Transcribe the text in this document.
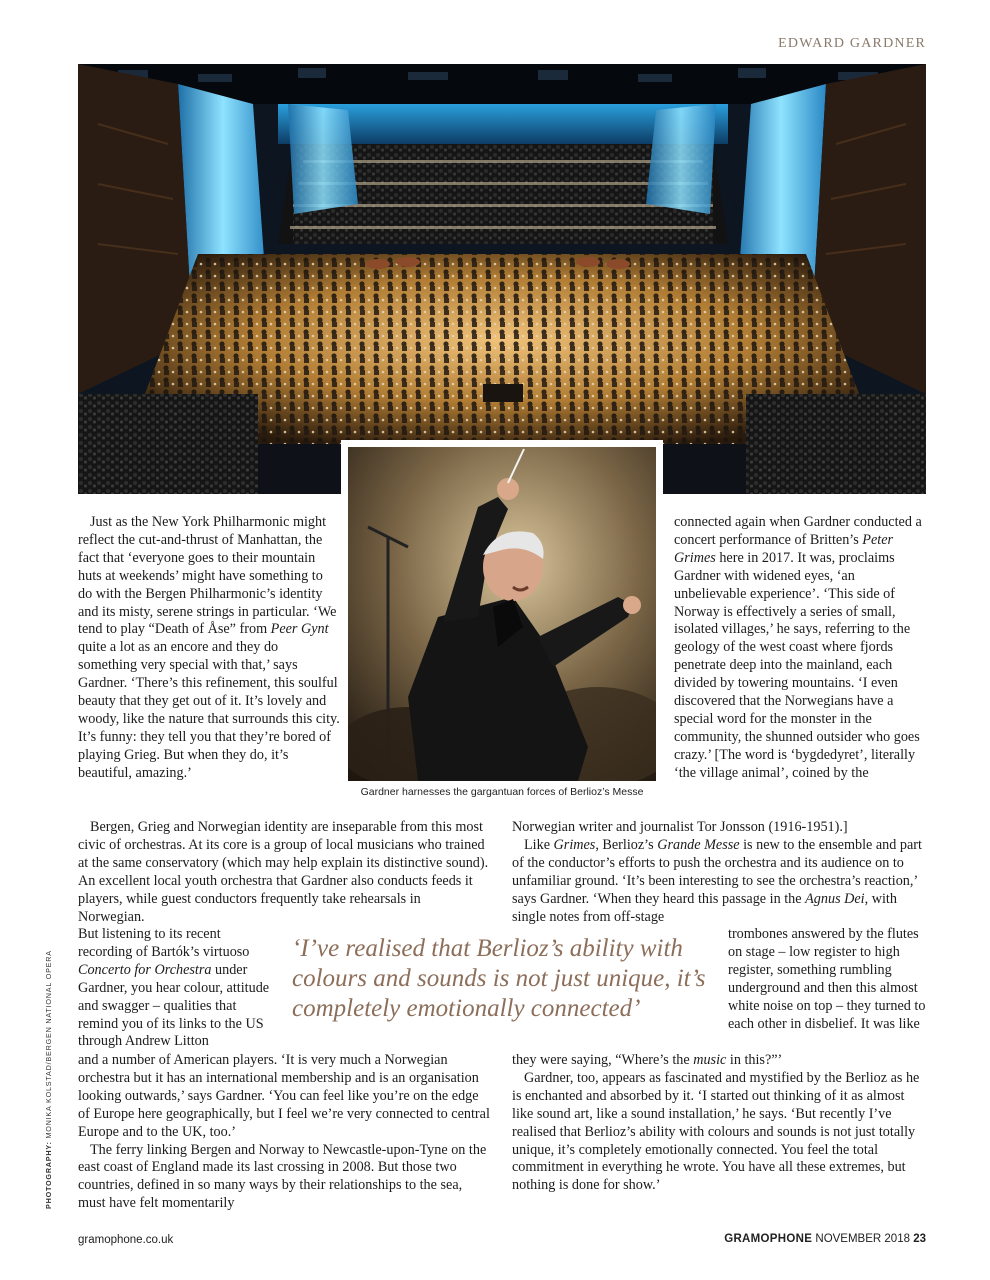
EDWARD GARDNER
Gardner harnesses the gargantuan forces of Berlioz’s Messe

Just as the New York Philharmonic might reflect the cut-and-thrust of Manhattan, the fact that ‘everyone goes to their mountain huts at weekends’ might have something to do with the Bergen Philharmonic’s identity and its misty, serene strings in particular. ‘We tend to play “Death of Åse” from Peer Gynt quite a lot as an encore and they do something very special with that,’ says Gardner. ‘There’s this refinement, this soulful beauty that they get out of it. It’s lovely and woody, like the nature that surrounds this city. It’s funny: they tell you that they’re bored of playing Grieg. But when they do, it’s beautiful, amazing.’

Bergen, Grieg and Norwegian identity are inseparable from this most civic of orchestras. At its core is a group of local musicians who trained at the same conservatory (which may help explain its distinctive sound). An excellent local youth orchestra that Gardner also conducts feeds it players, while guest conductors frequently take rehearsals in Norwegian.

But listening to its recent recording of Bartók’s virtuoso Concerto for Orchestra under Gardner, you hear colour, attitude and swagger – qualities that remind you of its links to the US through Andrew Litton

and a number of American players. ‘It is very much a Norwegian orchestra but it has an international membership and is an organisation looking outwards,’ says Gardner. ‘You can feel like you’re on the edge of Europe here geographically, but I feel we’re very connected to central Europe and to the UK, too.’

The ferry linking Bergen and Norway to Newcastle-upon-Tyne on the east coast of England made its last crossing in 2008. But those two countries, defined in so many ways by their relationships to the sea, must have felt momentarily

connected again when Gardner conducted a concert performance of Britten’s Peter Grimes here in 2017. It was, proclaims Gardner with widened eyes, ‘an unbelievable experience’. ‘This side of Norway is effectively a series of small, isolated villages,’ he says, referring to the geology of the west coast where fjords penetrate deep into the mainland, each divided by towering mountains. ‘I even discovered that the Norwegians have a special word for the monster in the community, the shunned outsider who goes crazy.’ [The word is ‘bygdedyret’, literally ‘the village animal’, coined by the

Norwegian writer and journalist Tor Jonsson (1916-1951).]

Like Grimes, Berlioz’s Grande Messe is new to the ensemble and part of the conductor’s efforts to push the orchestra and its audience on to unfamiliar ground. ‘It’s been interesting to see the orchestra’s reaction,’ says Gardner. ‘When they heard this passage in the Agnus Dei, with single notes from off-stage

trombones answered by the flutes on stage – low register to high register, something rumbling underground and then this almost white noise on top – they turned to each other in disbelief. It was like

they were saying, “Where’s the music in this?”’

Gardner, too, appears as fascinated and mystified by the Berlioz as he is enchanted and absorbed by it. ‘I started out thinking of it as almost like sound art, like a sound installation,’ he says. ‘But recently I’ve realised that Berlioz’s ability with colours and sounds is not just totally unique, it’s completely emotionally connected. You feel the total commitment in everything he wrote. You have all these extremes, but nothing is done for show.’

‘I’ve realised that Berlioz’s ability with colours and sounds is not just unique, it’s completely emotionally connected’
PHOTOGRAPHY: MONIKA KOLSTAD/BERGEN NATIONAL OPERA
gramophone.co.uk	GRAMOPHONE NOVEMBER 2018 23
